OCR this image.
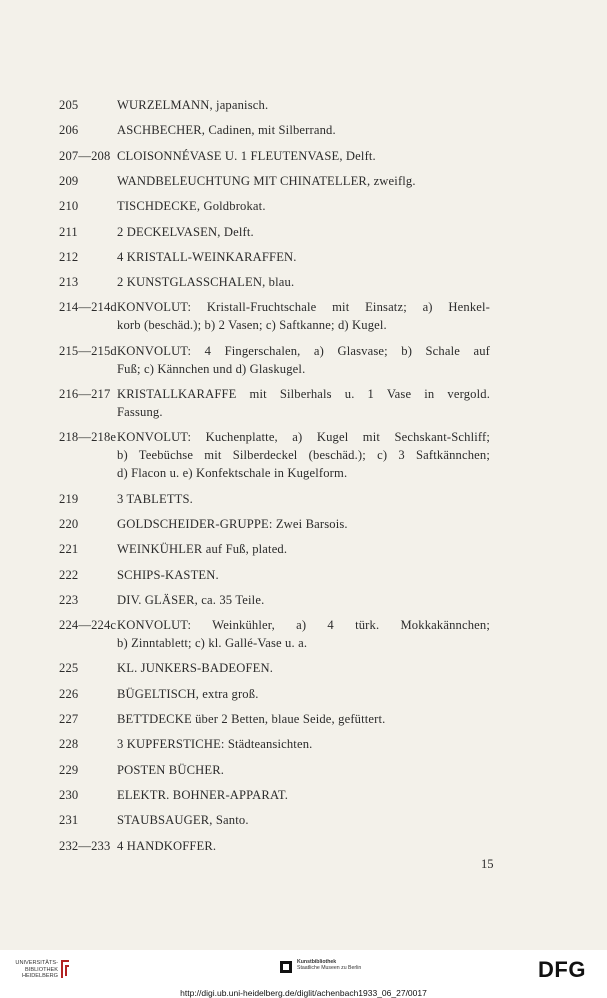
205	WURZELMANN, japanisch.
206	ASCHBECHER, Cadinen, mit Silberrand.
207—208 CLOISONNÉVASE U. 1 FLEUTENVASE, Delft.
209	WANDBELEUCHTUNG MIT CHINATELLER, zweiflg.
210	TISCHDECKE, Goldbrokat.
211	2 DECKELVASEN, Delft.
212	4 KRISTALL-WEINKARAFFEN.
213	2 KUNSTGLASSCHALEN, blau.
214—214d KONVOLUT: Kristall-Fruchtschale mit Einsatz; a) Henkel-
korb (beschäd.); b) 2 Vasen; c) Saftkanne; d) Kugel.
215—215d KONVOLUT: 4 Fingerschalen, a) Glasvase; b) Schale auf
Fuß; c) Kännchen und d) Glaskugel.
216—217 KRISTALLKARAFFE mit Silberhals u. 1 Vase in vergold.
Fassung.
218—218e KONVOLUT: Kuchenplatte, a) Kugel mit Sechskant-Schliff;
b) Teebüchse mit Silberdeckel (beschäd.); c) 3 Saftkännchen;
d) Flacon u. e) Konfektschale in Kugelform.
219	3 TABLETTS.
220	GOLDSCHEIDER-GRUPPE: Zwei Barsois.
221	WEINKÜHLER auf Fuß, plated.
222	SCHIPS-KASTEN.
223	DIV. GLÄSER, ca. 35 Teile.
224—224c KONVOLUT: Weinkühler, a) 4 türk. Mokkakännchen;
b) Zinntablett; c) kl. Gallé-Vase u. a.
225	KL. JUNKERS-BADEOFEN.
226	BÜGELTISCH, extra groß.
227	BETTDECKE über 2 Betten, blaue Seide, gefüttert.
228	3 KUPFERSTICHE: Städteansichten.
229	POSTEN BÜCHER.
230	ELEKTR. BOHNER-APPARAT.
231	STAUBSAUGER, Santo.
232—233 4 HANDKOFFER.
15
UNIVERSITÄTS-
BIBLIOTHEK
HEIDELBERG
Kunstbibliothek
Staatliche Museen zu Berlin	DFG
http://digi.ub.uni-heidelberg.de/diglit/achenbach1933_06_27/0017
